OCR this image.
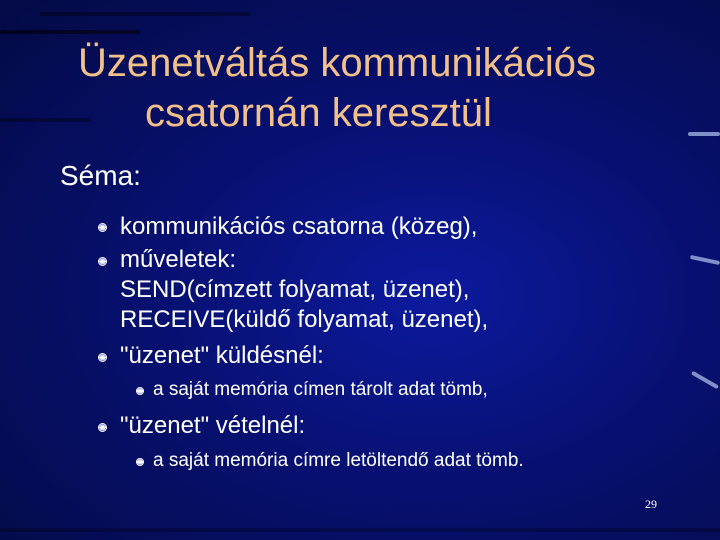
Üzenetváltás kommunikációs
csatornán keresztül
Séma:
kommunikációs csatorna (közeg),
műveletek:
SEND(címzett folyamat, üzenet),
RECEIVE(küldő folyamat, üzenet),
"üzenet" küldésnél:
a saját memória címen tárolt adat tömb,
"üzenet" vételnél:
a saját memória címre letöltendő adat tömb.
29
